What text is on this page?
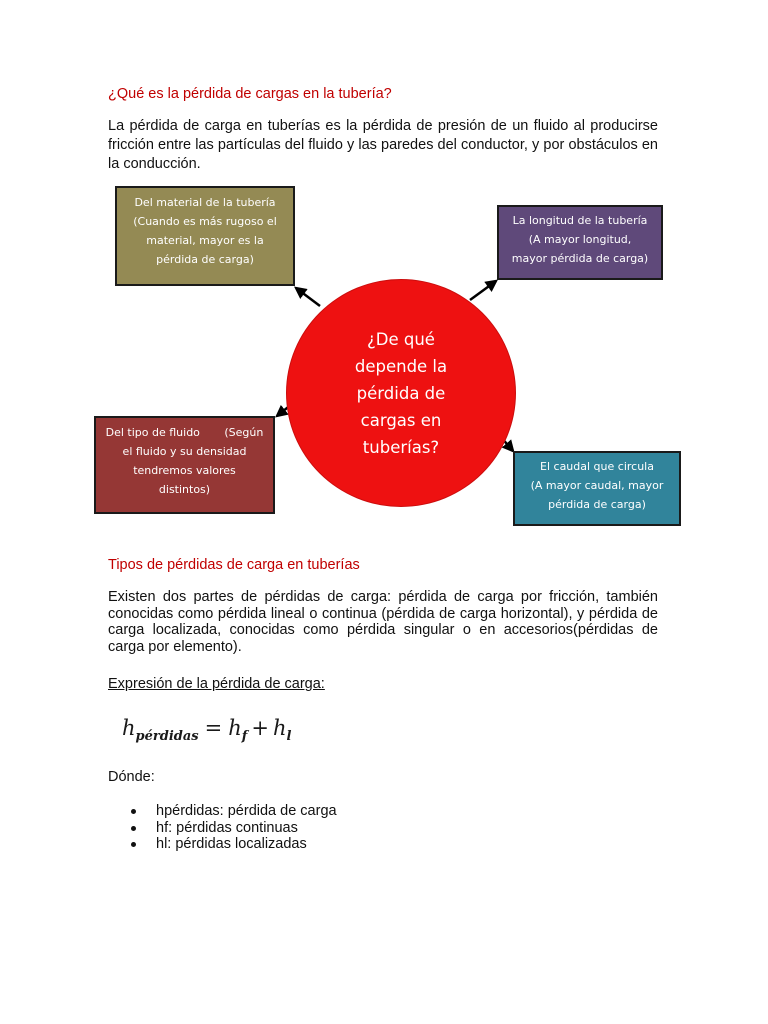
¿Qué es la pérdida de cargas en la tubería?
La pérdida de carga en tuberías es la pérdida de presión de un fluido al producirse fricción entre las partículas del fluido y las paredes del conductor, y por obstáculos en la conducción.
Del material de la tubería
(Cuando es más rugoso el
material, mayor es la
pérdida de carga)
La longitud de la tubería
(A mayor longitud,
mayor pérdida de carga)
Del tipo de fluido       (Según
el fluido y su densidad
tendremos valores
distintos)
El caudal que circula
(A mayor caudal, mayor
pérdida de carga)
¿De qué
depende la
pérdida de
cargas en
tuberías?
Tipos de pérdidas de carga en tuberías
Existen dos partes de pérdidas de carga: pérdida de carga por fricción, también conocidas como pérdida lineal o continua (pérdida de carga horizontal), y pérdida de carga localizada, conocidas como pérdida singular o en accesorios(pérdidas de carga por elemento).
Expresión de la pérdida de carga:
$h_{pérdidas} = h_f + h_l$
Dónde:
hpérdidas: pérdida de carga
hf: pérdidas continuas
hl: pérdidas localizadas
